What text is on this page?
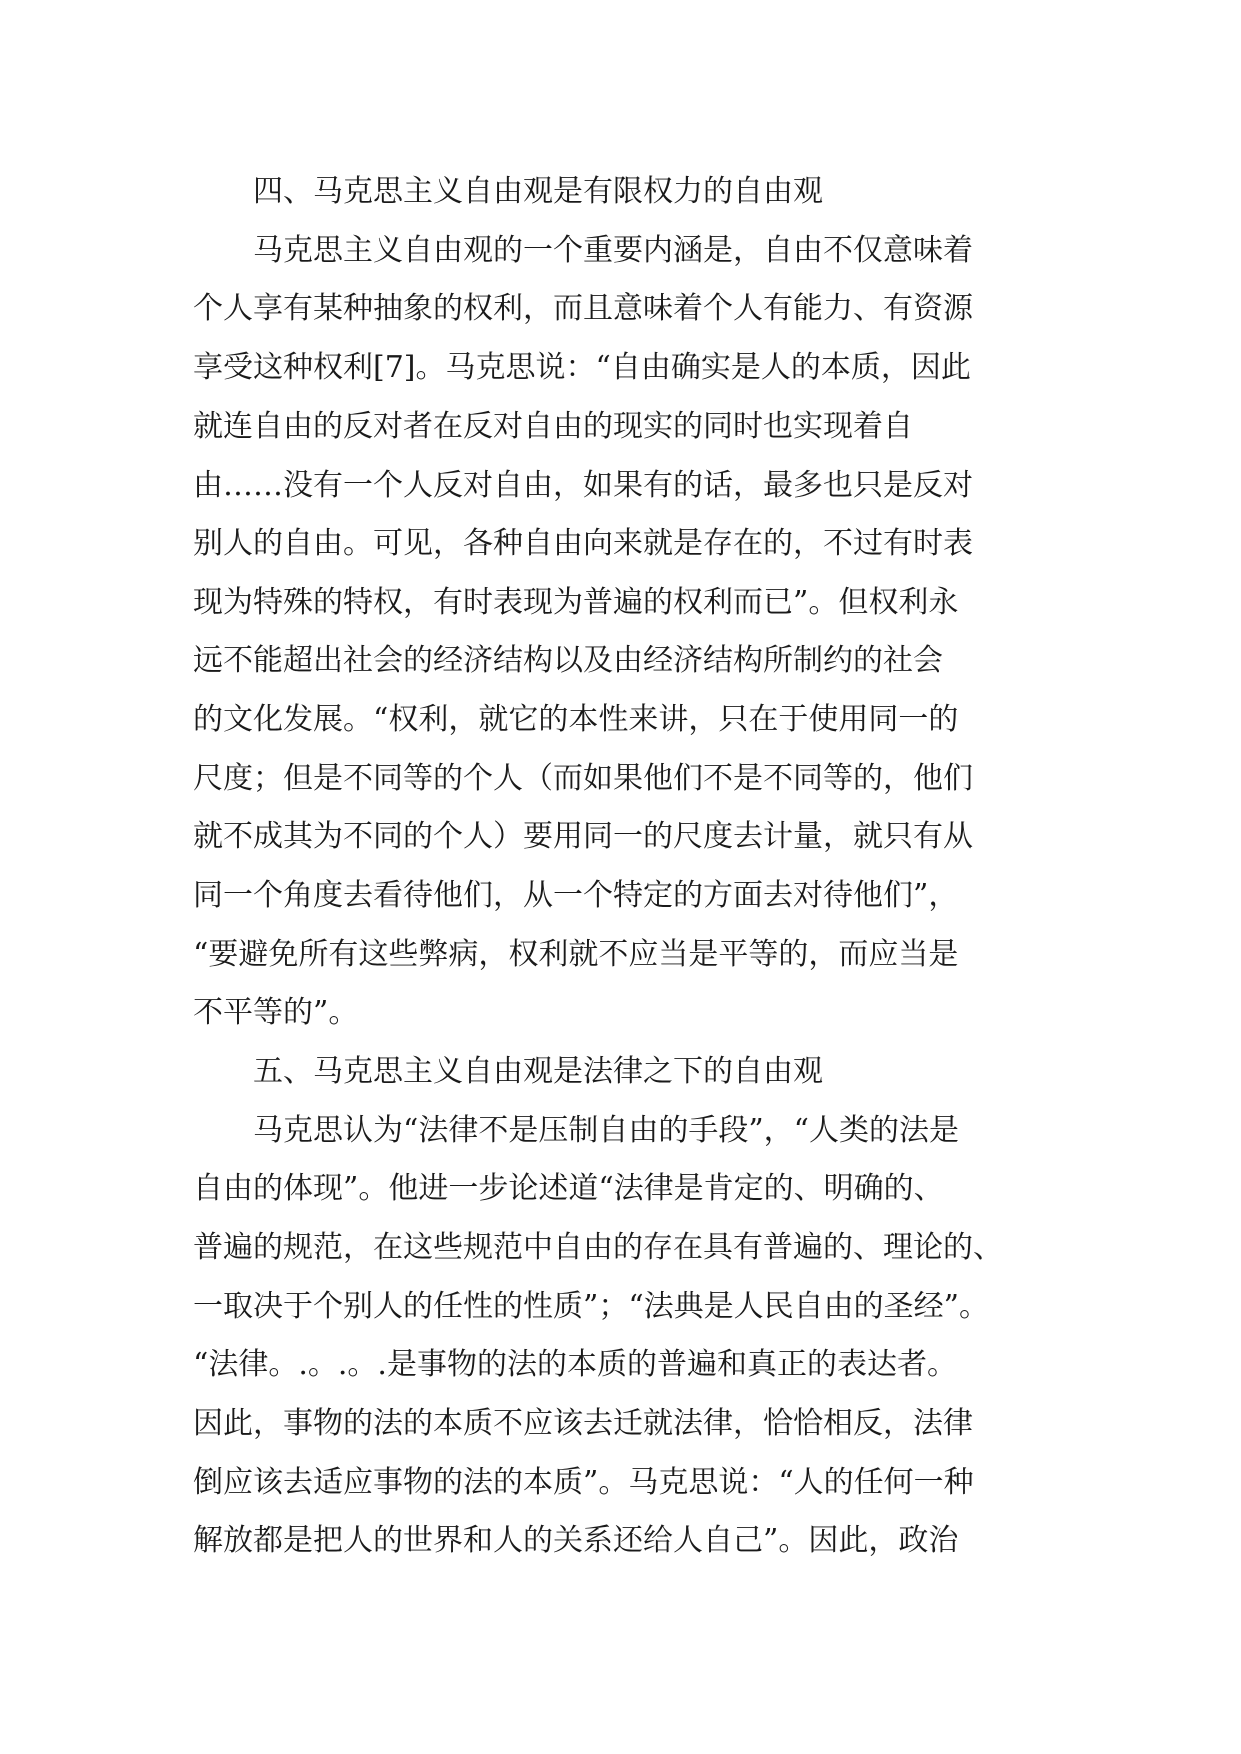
　　四、马克思主义自由观是有限权力的自由观
　　马克思主义自由观的一个重要内涵是，自由不仅意味着
个人享有某种抽象的权利，而且意味着个人有能力、有资源
享受这种权利[7]。马克思说：“自由确实是人的本质，因此
就连自由的反对者在反对自由的现实的同时也实现着自
由……没有一个人反对自由，如果有的话，最多也只是反对
别人的自由。可见，各种自由向来就是存在的，不过有时表
现为特殊的特权，有时表现为普遍的权利而已”。但权利永
远不能超出社会的经济结构以及由经济结构所制约的社会
的文化发展。“权利，就它的本性来讲，只在于使用同一的
尺度；但是不同等的个人（而如果他们不是不同等的，他们
就不成其为不同的个人）要用同一的尺度去计量，就只有从
同一个角度去看待他们，从一个特定的方面去对待他们”，
“要避免所有这些弊病，权利就不应当是平等的，而应当是
不平等的”。
　　五、马克思主义自由观是法律之下的自由观
　　马克思认为“法律不是压制自由的手段”，“人类的法是
自由的体现”。他进一步论述道“法律是肯定的、明确的、
普遍的规范，在这些规范中自由的存在具有普遍的、理论的、
一取决于个别人的任性的性质”；“法典是人民自由的圣经”。
“法律。.。.。.是事物的法的本质的普遍和真正的表达者。
因此，事物的法的本质不应该去迁就法律，恰恰相反，法律
倒应该去适应事物的法的本质”。马克思说：“人的任何一种
解放都是把人的世界和人的关系还给人自己”。因此，政治
